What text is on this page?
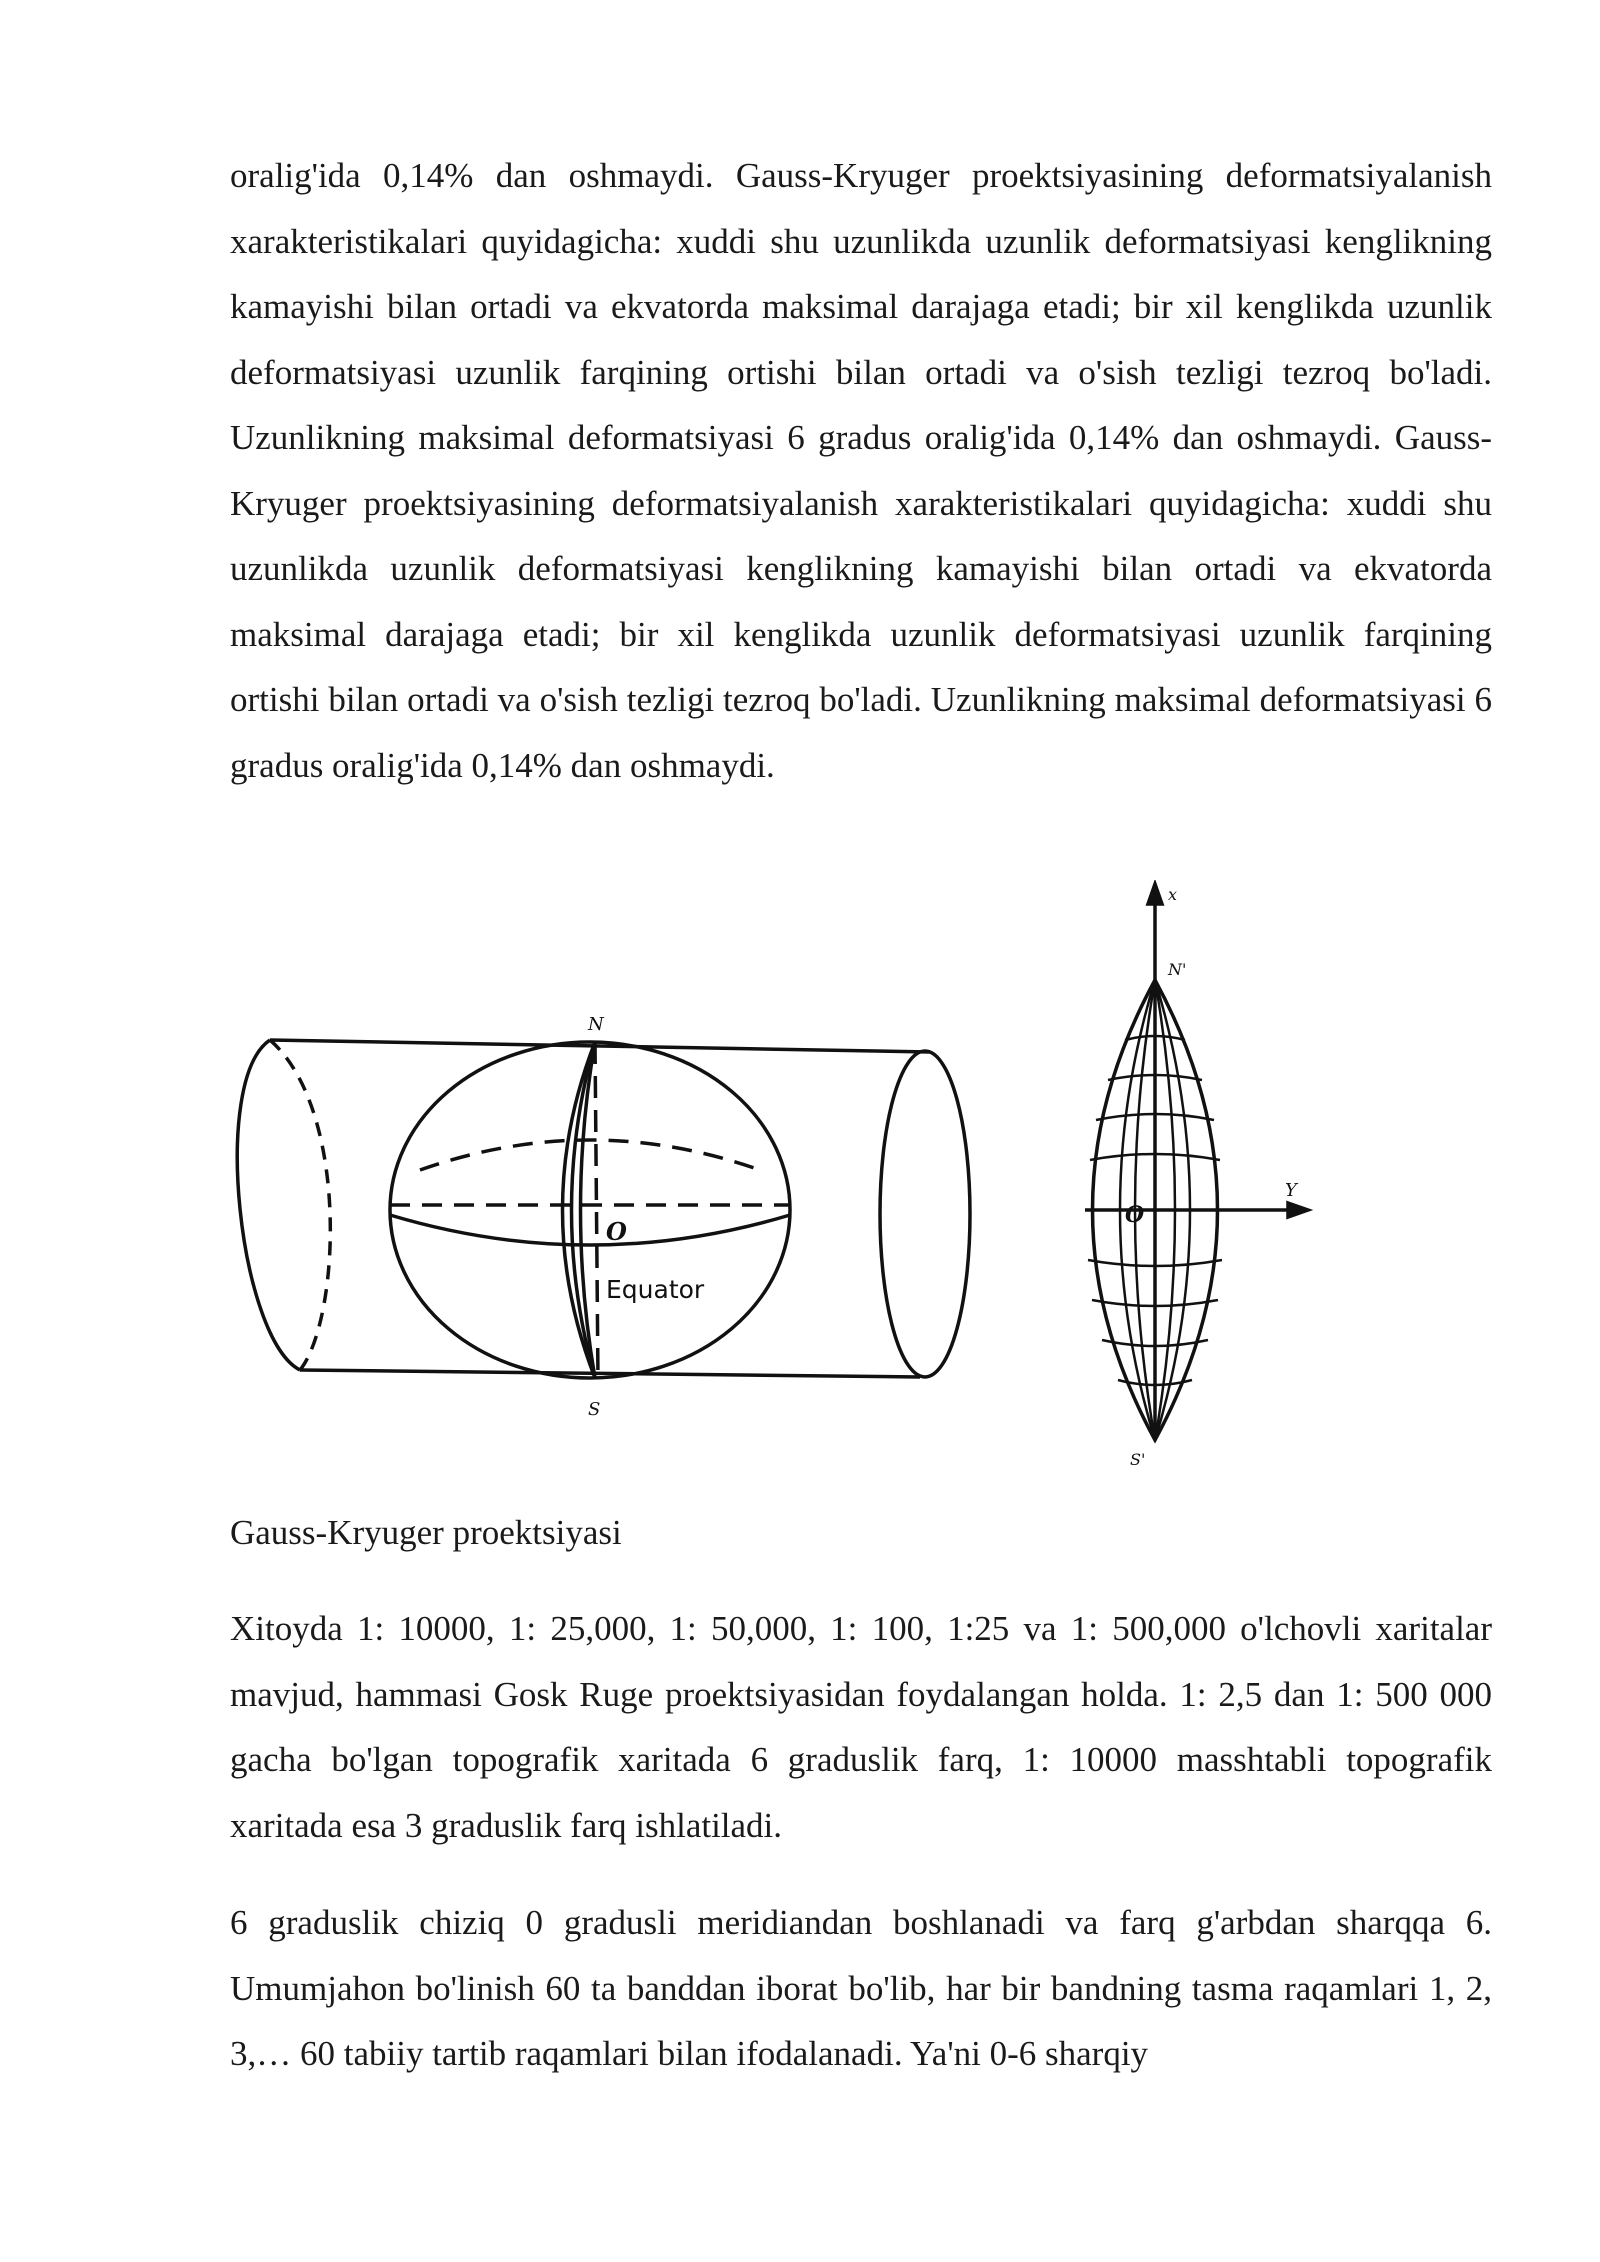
oralig'ida 0,14% dan oshmaydi. Gauss-Kryuger proektsiyasining deformatsiyalanish xarakteristikalari quyidagicha: xuddi shu uzunlikda uzunlik deformatsiyasi kenglikning kamayishi bilan ortadi va ekvatorda maksimal darajaga etadi; bir xil kenglikda uzunlik deformatsiyasi uzunlik farqining ortishi bilan ortadi va o'sish tezligi tezroq bo'ladi. Uzunlikning maksimal deformatsiyasi 6 gradus oralig'ida 0,14% dan oshmaydi. Gauss-Kryuger proektsiyasining deformatsiyalanish xarakteristikalari quyidagicha: xuddi shu uzunlikda uzunlik deformatsiyasi kenglikning kamayishi bilan ortadi va ekvatorda maksimal darajaga etadi; bir xil kenglikda uzunlik deformatsiyasi uzunlik farqining ortishi bilan ortadi va o'sish tezligi tezroq bo'ladi. Uzunlikning maksimal deformatsiyasi 6 gradus oralig'ida 0,14% dan oshmaydi.

N
S
O
Equator
x
Y
N'
S'
O

Gauss-Kryuger proektsiyasi

Xitoyda 1: 10000, 1: 25,000, 1: 50,000, 1: 100, 1:25 va 1: 500,000 o'lchovli xaritalar mavjud, hammasi Gosk Ruge proektsiyasidan foydalangan holda. 1: 2,5 dan 1: 500 000 gacha bo'lgan topografik xaritada 6 graduslik farq, 1: 10000 masshtabli topografik xaritada esa 3 graduslik farq ishlatiladi.

6 graduslik chiziq 0 gradusli meridiandan boshlanadi va farq g'arbdan sharqqa 6. Umumjahon bo'linish 60 ta banddan iborat bo'lib, har bir bandning tasma raqamlari 1, 2, 3,… 60 tabiiy tartib raqamlari bilan ifodalanadi. Ya'ni 0-6 sharqiy
